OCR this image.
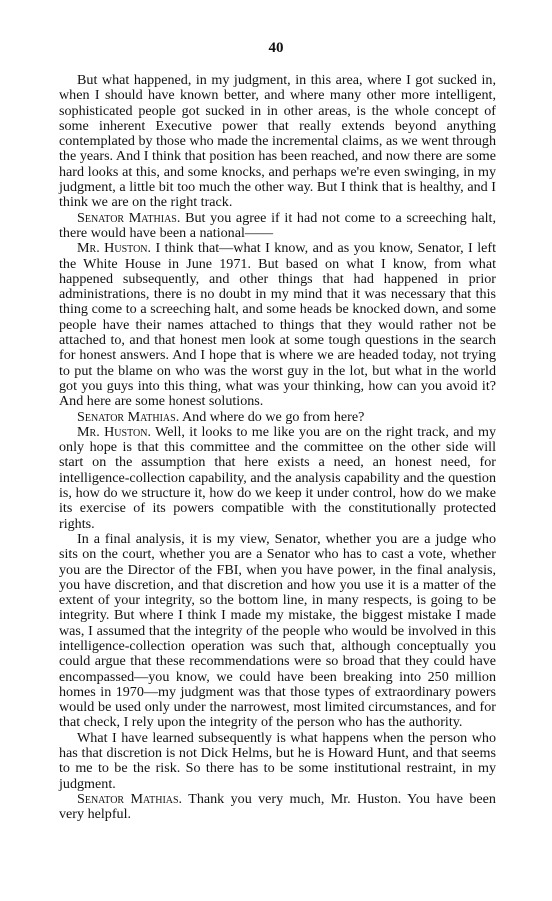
40

But what happened, in my judgment, in this area, where I got sucked in, when I should have known better, and where many other more intelligent, sophisticated people got sucked in in other areas, is the whole concept of some inherent Executive power that really extends beyond anything contemplated by those who made the incremental claims, as we went through the years. And I think that position has been reached, and now there are some hard looks at this, and some knocks, and perhaps we're even swinging, in my judgment, a little bit too much the other way. But I think that is healthy, and I think we are on the right track.

Senator Mathias. But you agree if it had not come to a screeching halt, there would have been a national——

Mr. Huston. I think that—what I know, and as you know, Senator, I left the White House in June 1971. But based on what I know, from what happened subsequently, and other things that had happened in prior administrations, there is no doubt in my mind that it was necessary that this thing come to a screeching halt, and some heads be knocked down, and some people have their names attached to things that they would rather not be attached to, and that honest men look at some tough questions in the search for honest answers. And I hope that is where we are headed today, not trying to put the blame on who was the worst guy in the lot, but what in the world got you guys into this thing, what was your thinking, how can you avoid it? And here are some honest solutions.

Senator Mathias. And where do we go from here?

Mr. Huston. Well, it looks to me like you are on the right track, and my only hope is that this committee and the committee on the other side will start on the assumption that here exists a need, an honest need, for intelligence-collection capability, and the analysis capability and the question is, how do we structure it, how do we keep it under control, how do we make its exercise of its powers compatible with the constitutionally protected rights.

In a final analysis, it is my view, Senator, whether you are a judge who sits on the court, whether you are a Senator who has to cast a vote, whether you are the Director of the FBI, when you have power, in the final analysis, you have discretion, and that discretion and how you use it is a matter of the extent of your integrity, so the bottom line, in many respects, is going to be integrity. But where I think I made my mistake, the biggest mistake I made was, I assumed that the integrity of the people who would be involved in this intelligence-collection operation was such that, although conceptually you could argue that these recommendations were so broad that they could have encompassed—you know, we could have been breaking into 250 million homes in 1970—my judgment was that those types of extraordinary powers would be used only under the narrowest, most limited circumstances, and for that check, I rely upon the integrity of the person who has the authority.

What I have learned subsequently is what happens when the person who has that discretion is not Dick Helms, but he is Howard Hunt, and that seems to me to be the risk. So there has to be some institutional restraint, in my judgment.

Senator Mathias. Thank you very much, Mr. Huston. You have been very helpful.
